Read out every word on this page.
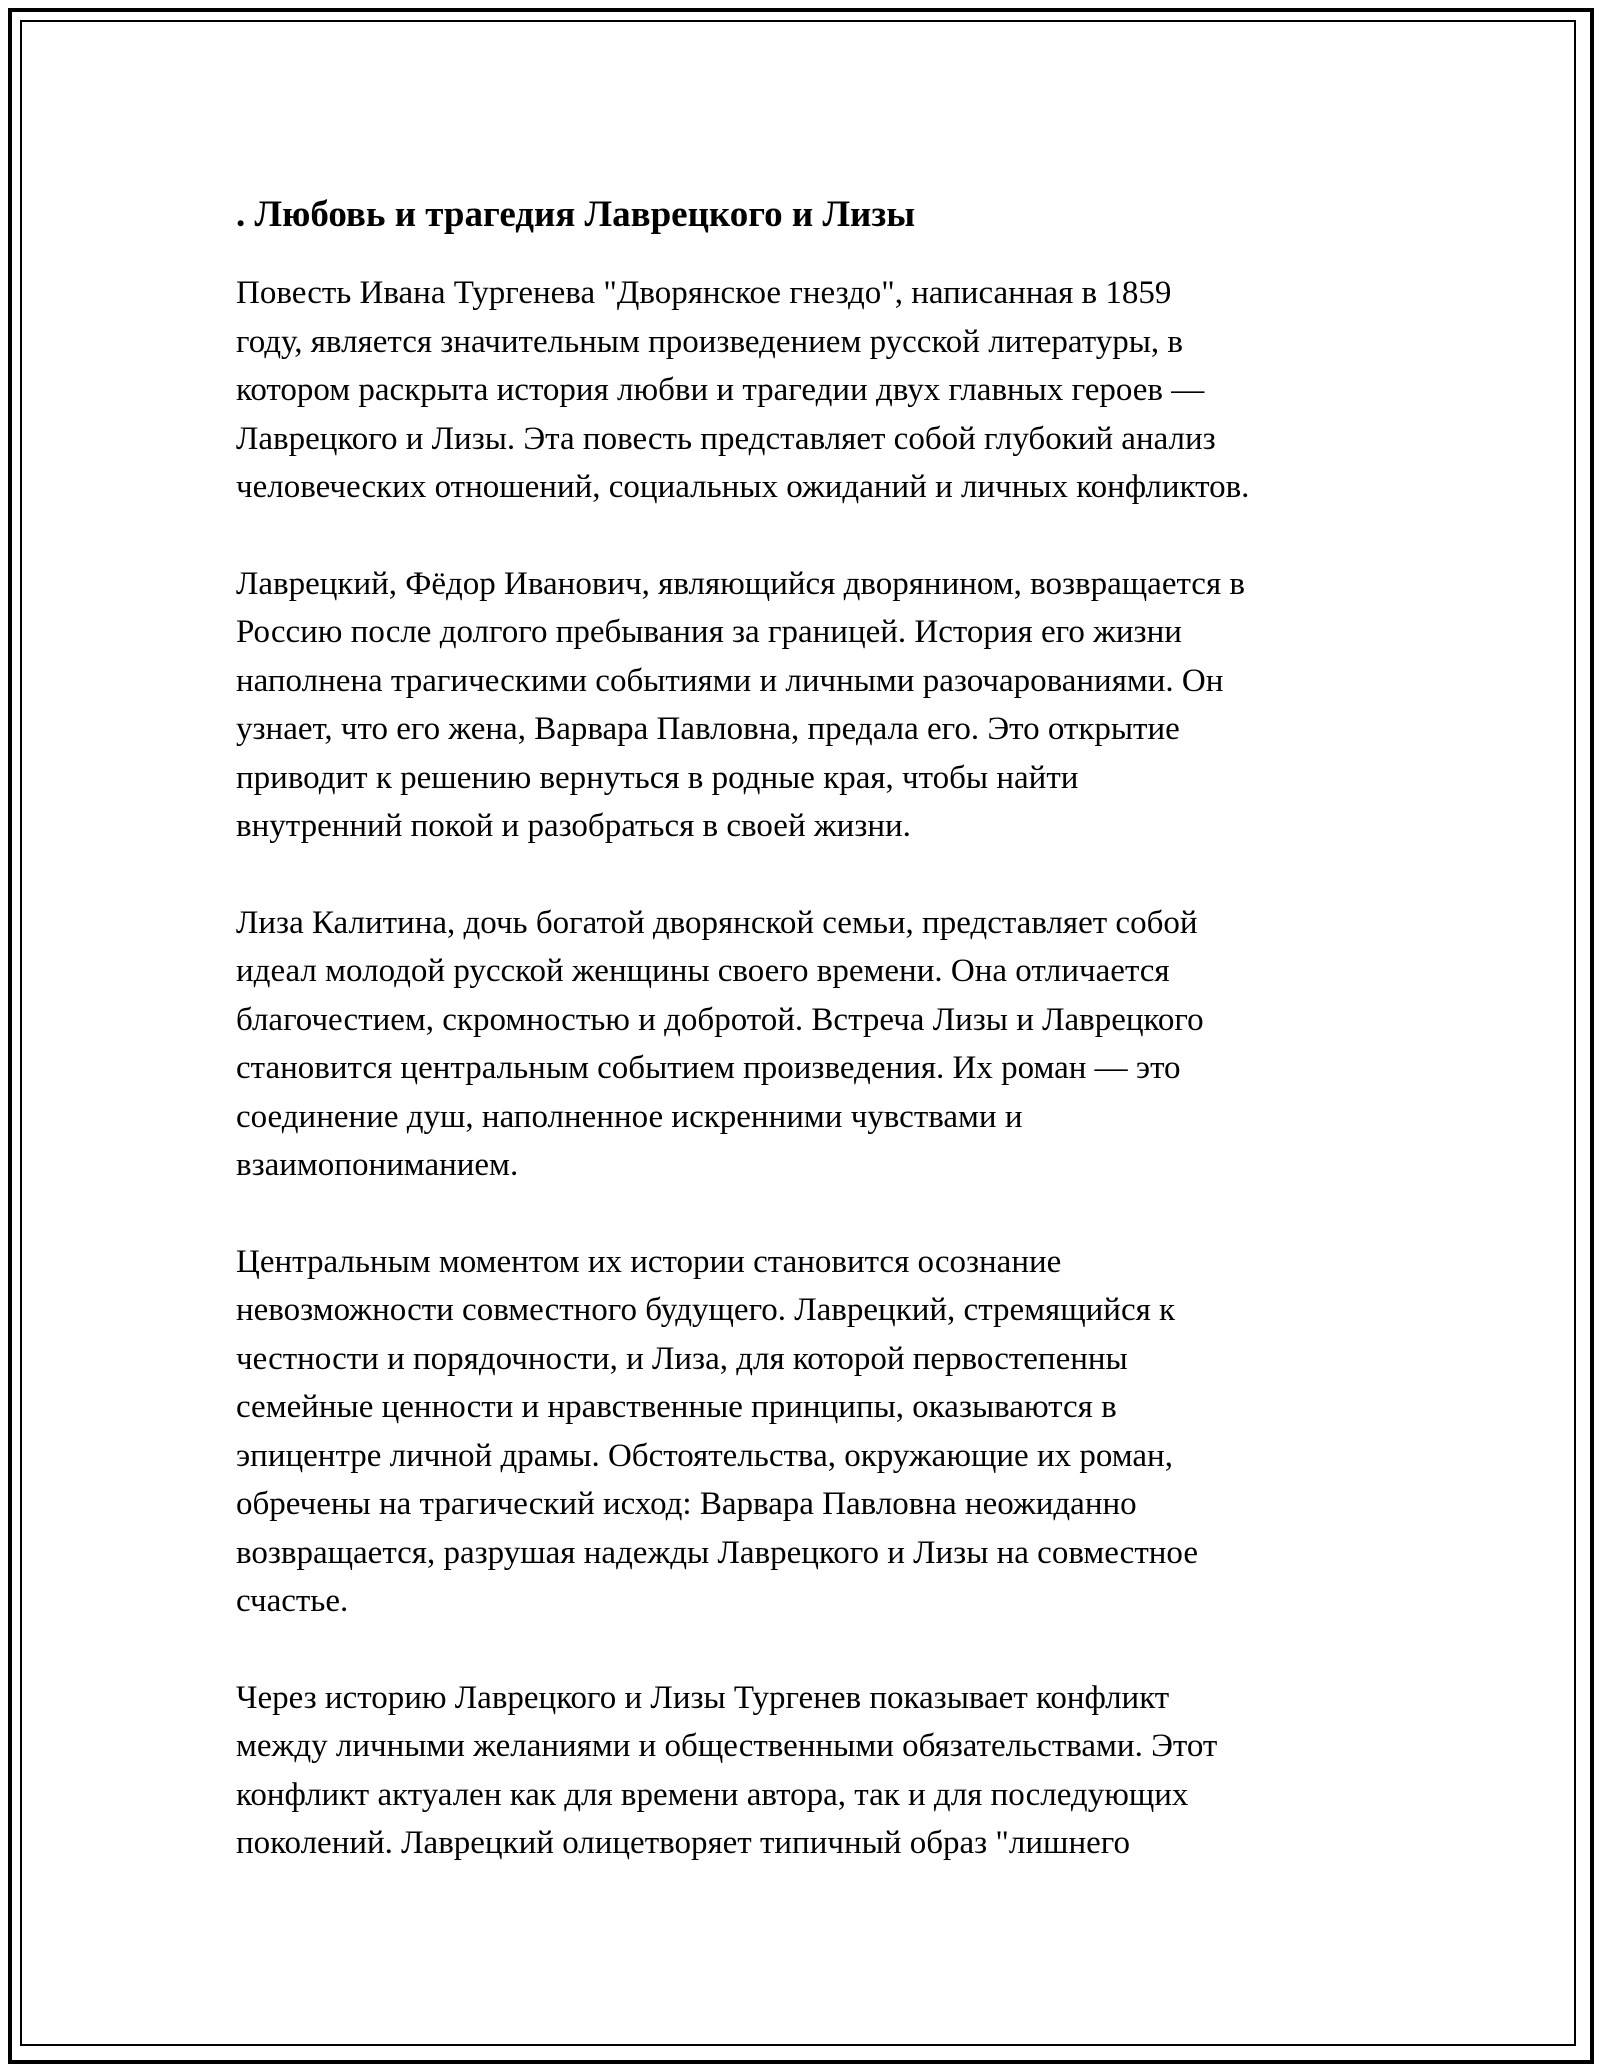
. Любовь и трагедия Лаврецкого и Лизы

Повесть Ивана Тургенева "Дворянское гнездо", написанная в 1859
году, является значительным произведением русской литературы, в
котором раскрыта история любви и трагедии двух главных героев —
Лаврецкого и Лизы. Эта повесть представляет собой глубокий анализ
человеческих отношений, социальных ожиданий и личных конфликтов.

Лаврецкий, Фёдор Иванович, являющийся дворянином, возвращается в
Россию после долгого пребывания за границей. История его жизни
наполнена трагическими событиями и личными разочарованиями. Он
узнает, что его жена, Варвара Павловна, предала его. Это открытие
приводит к решению вернуться в родные края, чтобы найти
внутренний покой и разобраться в своей жизни.

Лиза Калитина, дочь богатой дворянской семьи, представляет собой
идеал молодой русской женщины своего времени. Она отличается
благочестием, скромностью и добротой. Встреча Лизы и Лаврецкого
становится центральным событием произведения. Их роман — это
соединение душ, наполненное искренними чувствами и
взаимопониманием.

Центральным моментом их истории становится осознание
невозможности совместного будущего. Лаврецкий, стремящийся к
честности и порядочности, и Лиза, для которой первостепенны
семейные ценности и нравственные принципы, оказываются в
эпицентре личной драмы. Обстоятельства, окружающие их роман,
обречены на трагический исход: Варвара Павловна неожиданно
возвращается, разрушая надежды Лаврецкого и Лизы на совместное
счастье.

Через историю Лаврецкого и Лизы Тургенев показывает конфликт
между личными желаниями и общественными обязательствами. Этот
конфликт актуален как для времени автора, так и для последующих
поколений. Лаврецкий олицетворяет типичный образ "лишнего
